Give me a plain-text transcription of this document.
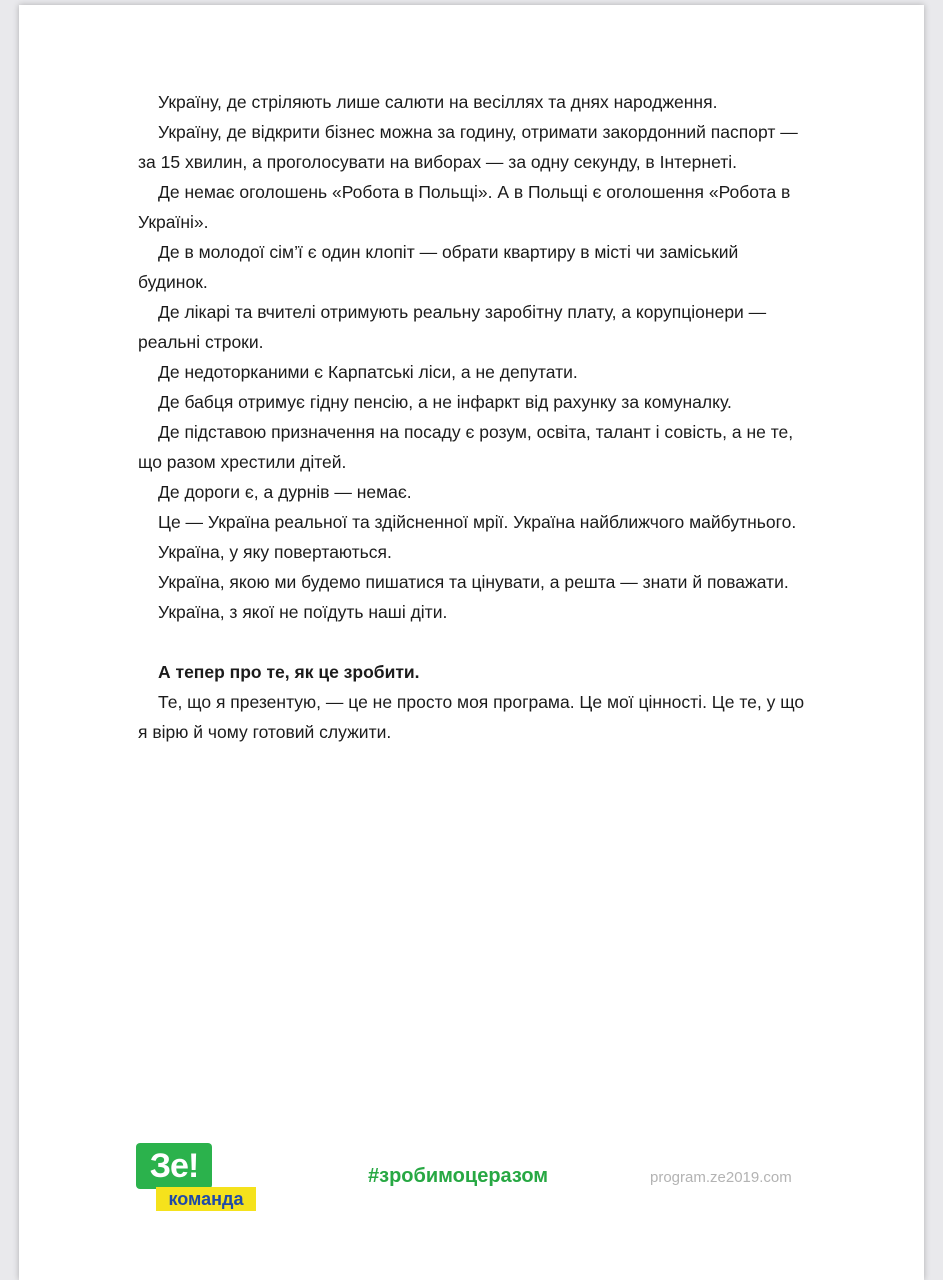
Україну, де стріляють лише салюти на весіллях та днях народження.

Україну, де відкрити бізнес можна за годину, отримати закордонний паспорт — за 15 хвилин, а проголосувати на виборах — за одну секунду, в Інтернеті.

Де немає оголошень «Робота в Польщі». А в Польщі є оголошення «Робота в Україні».

Де в молодої сім’ї є один клопіт — обрати квартиру в місті чи заміський будинок.

Де лікарі та вчителі отримують реальну заробітну плату, а корупціонери — реальні строки.

Де недоторканими є Карпатські ліси, а не депутати.

Де бабця отримує гідну пенсію, а не інфаркт від рахунку за комуналку.

Де підставою призначення на посаду є розум, освіта, талант і совість, а не те, що разом хрестили дітей.

Де дороги є, а дурнів — немає.

Це — Україна реальної та здійсненної мрії. Україна найближчого майбутнього.

Україна, у яку повертаються.

Україна, якою ми будемо пишатися та цінувати, а решта — знати й поважати.

Україна, з якої не поїдуть наші діти.

А тепер про те, як це зробити.

Те, що я презентую, — це не просто моя програма. Це мої цінності. Це те, у що я вірю й чому готовий служити.

Зе!
команда
#зробимоцеразом	program.ze2019.com
